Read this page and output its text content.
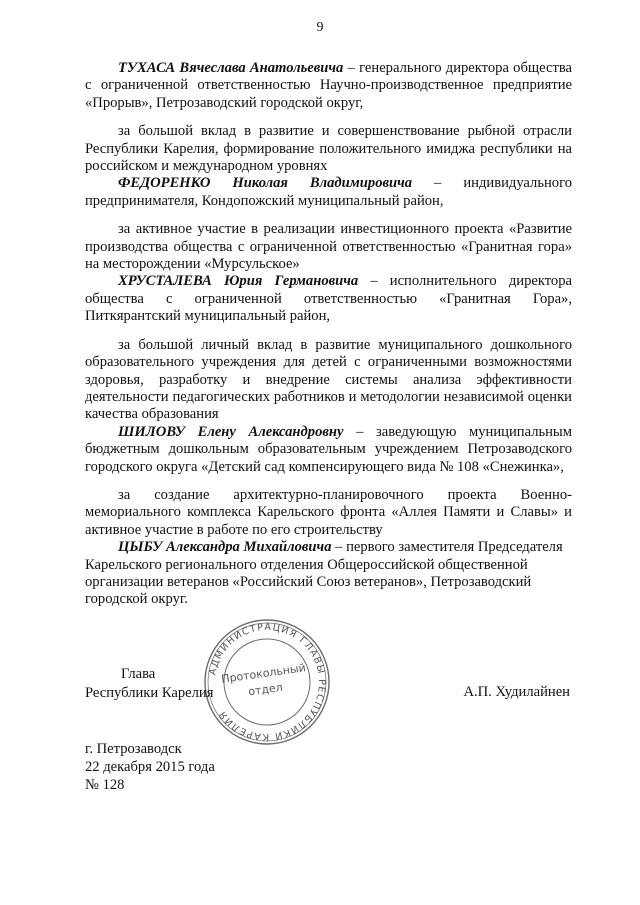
9

ТУХАСА Вячеслава Анатольевича – генерального директора общества с ограниченной ответственностью Научно-производственное предприятие «Прорыв», Петрозаводский городской округ,

за большой вклад в развитие и совершенствование рыбной отрасли Республики Карелия, формирование положительного имиджа республики на российском и международном уровнях

ФЕДОРЕНКО Николая Владимировича – индивидуального предпринимателя, Кондопожский муниципальный район,

за активное участие в реализации инвестиционного проекта «Развитие производства общества с ограниченной ответственностью «Гранитная гора» на месторождении «Мурсульское»

ХРУСТАЛЕВА Юрия Германовича – исполнительного директора общества с ограниченной ответственностью «Гранитная Гора», Питкярантский муниципальный район,

за большой личный вклад в развитие муниципального дошкольного образовательного учреждения для детей с ограниченными возможностями здоровья, разработку и внедрение системы анализа эффективности деятельности педагогических работников и методологии независимой оценки качества образования

ШИЛОВУ Елену Александровну – заведующую муниципальным бюджетным дошкольным образовательным учреждением Петрозаводского городского округа «Детский сад компенсирующего вида № 108 «Снежинка»,

за создание архитектурно-планировочного проекта Военно-мемориального комплекса Карельского фронта «Аллея Памяти и Славы» и активное участие в работе по его строительству

ЦЫБУ Александра Михайловича – первого заместителя Председателя Карельского регионального отделения Общероссийской общественной организации ветеранов «Российский Союз ветеранов», Петрозаводский городской округ.

АДМИНИСТРАЦИЯ ГЛАВЫ РЕСПУБЛИКИ КАРЕЛИЯ
Протокольный
отдел
Глава
Республики Карелия	А.П. Худилайнен
г. Петрозаводск
22 декабря 2015 года
№ 128
